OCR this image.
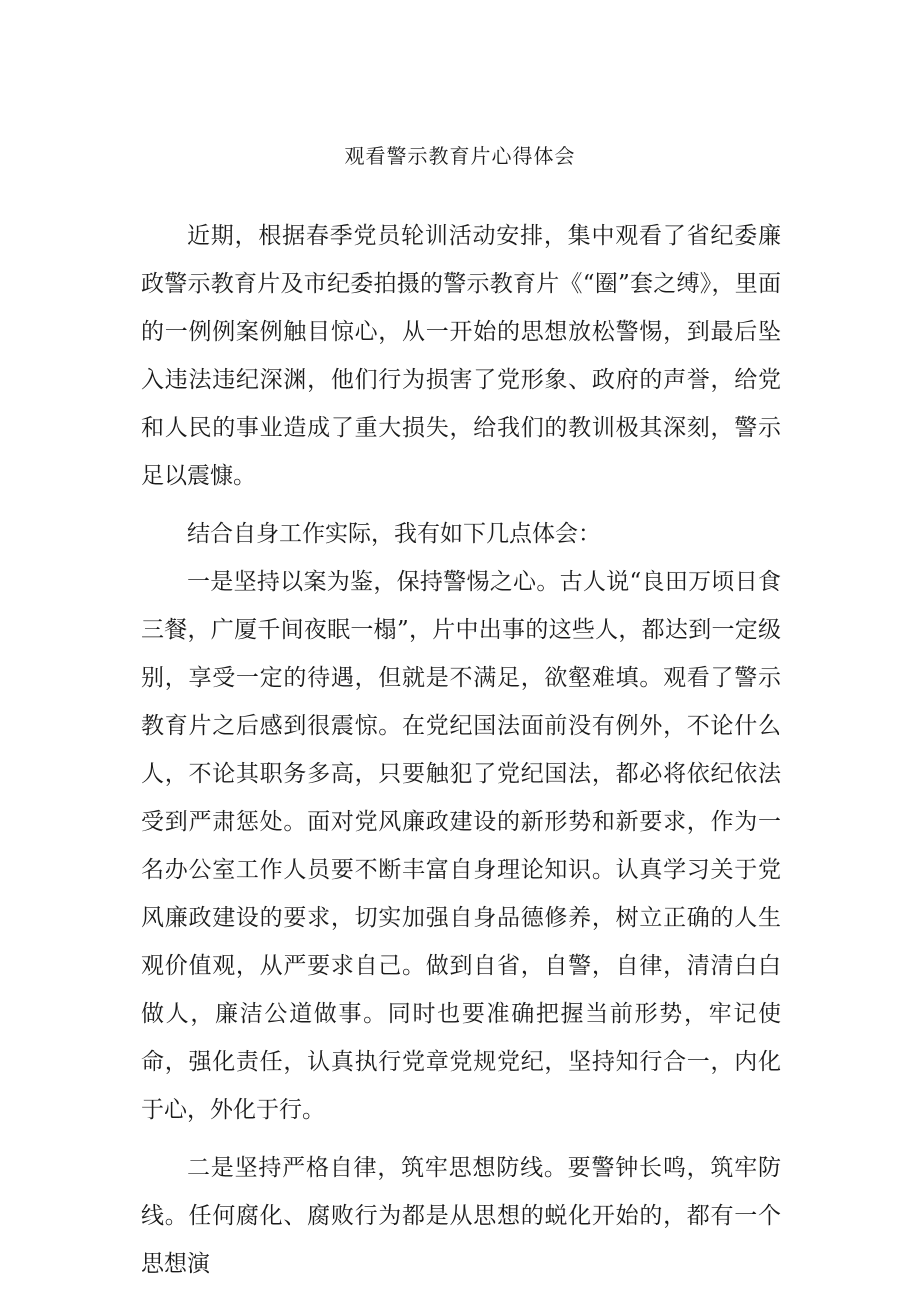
观看警示教育片心得体会

近期，根据春季党员轮训活动安排，集中观看了省纪委廉政警示教育片及市纪委拍摄的警示教育片《“圈”套之缚》，里面的一例例案例触目惊心，从一开始的思想放松警惕，到最后坠入违法违纪深渊，他们行为损害了党形象、政府的声誉，给党和人民的事业造成了重大损失，给我们的教训极其深刻，警示足以震慷。

结合自身工作实际，我有如下几点体会：

一是坚持以案为鉴，保持警惕之心。古人说“良田万顷日食三餐，广厦千间夜眠一榻”，片中出事的这些人，都达到一定级别，享受一定的待遇，但就是不满足，欲壑难填。观看了警示教育片之后感到很震惊。在党纪国法面前没有例外，不论什么人，不论其职务多高，只要触犯了党纪国法，都必将依纪依法受到严肃惩处。面对党风廉政建设的新形势和新要求，作为一名办公室工作人员要不断丰富自身理论知识。认真学习关于党风廉政建设的要求，切实加强自身品德修养，树立正确的人生观价值观，从严要求自己。做到自省，自警，自律，清清白白做人，廉洁公道做事。同时也要准确把握当前形势，牢记使命，强化责任，认真执行党章党规党纪，坚持知行合一，内化于心，外化于行。

二是坚持严格自律，筑牢思想防线。要警钟长鸣，筑牢防线。任何腐化、腐败行为都是从思想的蜕化开始的，都有一个思想演
